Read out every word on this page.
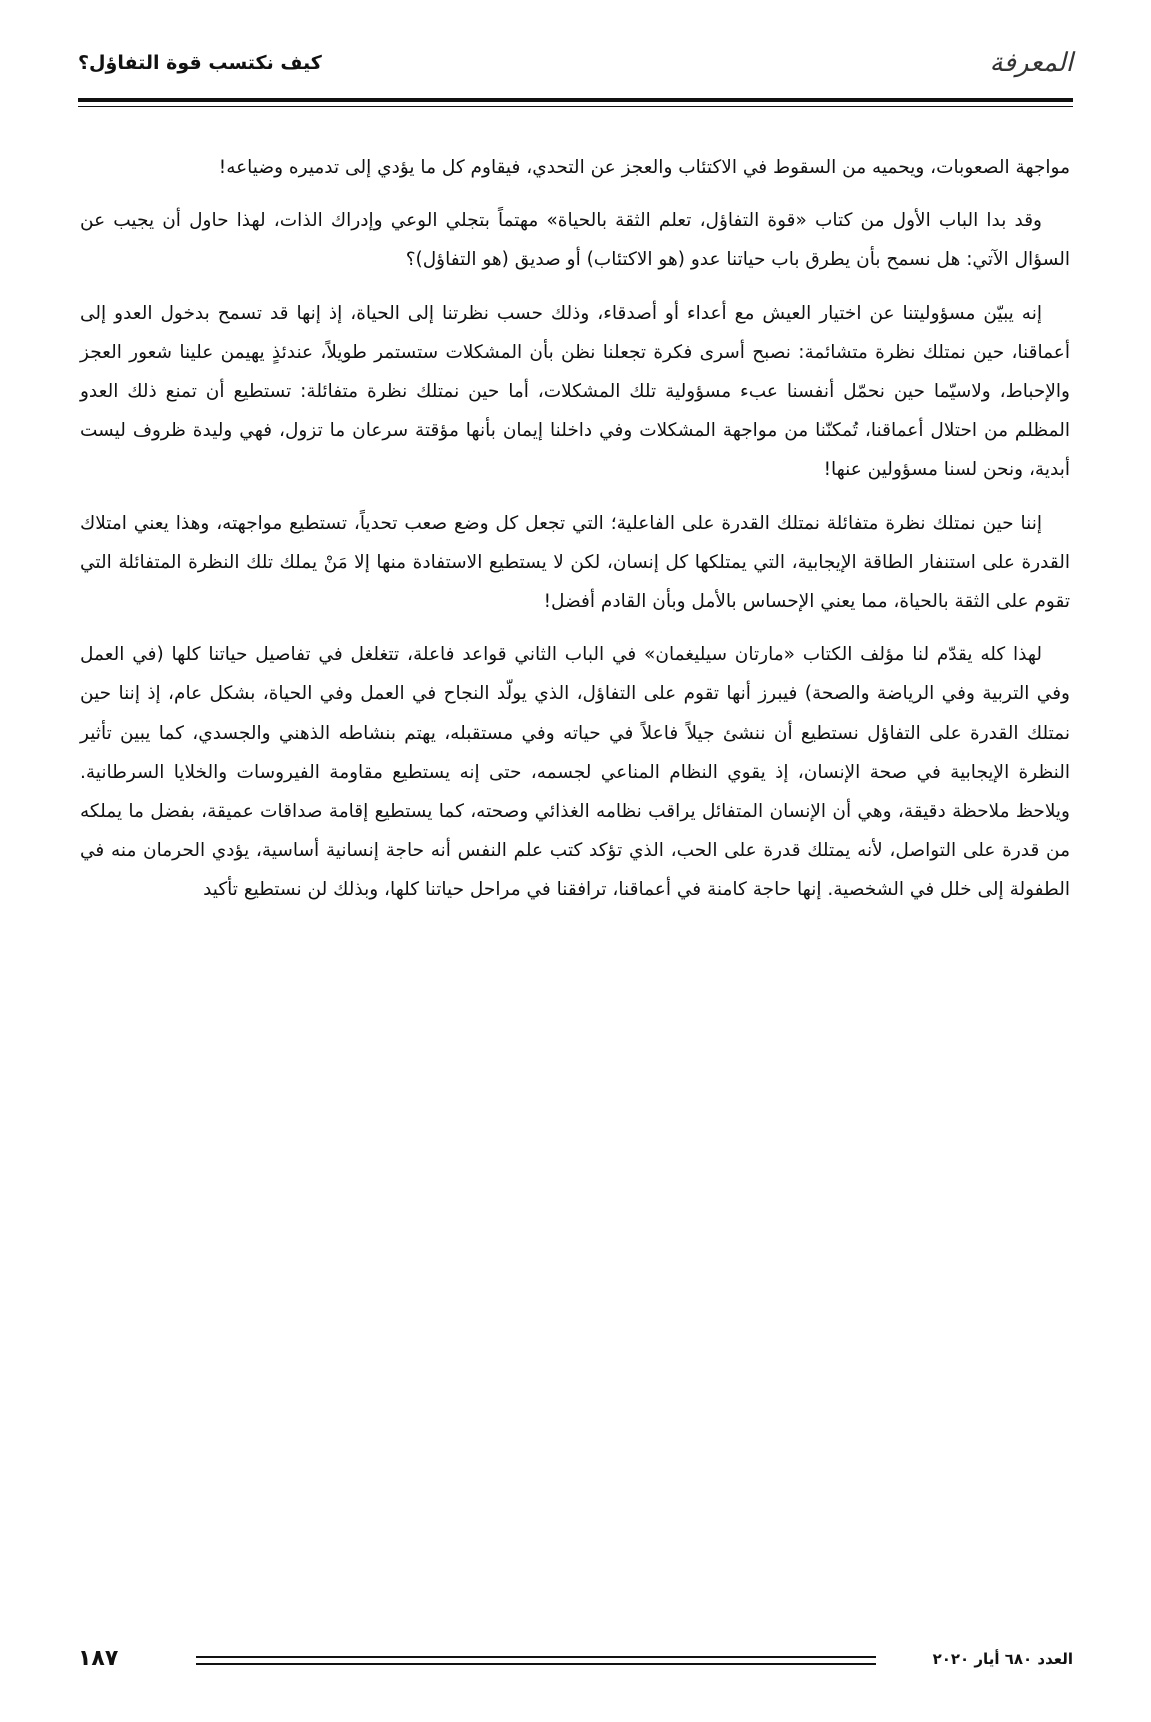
المعرفة
كيف نكتسب قوة التفاؤل؟

مواجهة الصعوبات، ويحميه من السقوط في الاكتئاب والعجز عن التحدي، فيقاوم كل ما يؤدي إلى تدميره وضياعه!

وقد بدا الباب الأول من كتاب «قوة التفاؤل، تعلم الثقة بالحياة» مهتماً بتجلي الوعي وإدراك الذات، لهذا حاول أن يجيب عن السؤال الآتي: هل نسمح بأن يطرق باب حياتنا عدو (هو الاكتئاب) أو صديق (هو التفاؤل)؟

إنه يبيّن مسؤوليتنا عن اختيار العيش مع أعداء أو أصدقاء، وذلك حسب نظرتنا إلى الحياة، إذ إنها قد تسمح بدخول العدو إلى أعماقنا، حين نمتلك نظرة متشائمة: نصبح أسرى فكرة تجعلنا نظن بأن المشكلات ستستمر طويلاً، عندئذٍ يهيمن علينا شعور العجز والإحباط، ولاسيّما حين نحمّل أنفسنا عبء مسؤولية تلك المشكلات، أما حين نمتلك نظرة متفائلة: تستطيع أن تمنع ذلك العدو المظلم من احتلال أعماقنا، تُمكنّنا من مواجهة المشكلات وفي داخلنا إيمان بأنها مؤقتة سرعان ما تزول، فهي وليدة ظروف ليست أبدية، ونحن لسنا مسؤولين عنها!

إننا حين نمتلك نظرة متفائلة نمتلك القدرة على الفاعلية؛ التي تجعل كل وضع صعب تحدياً، تستطيع مواجهته، وهذا يعني امتلاك القدرة على استنفار الطاقة الإيجابية، التي يمتلكها كل إنسان، لكن لا يستطيع الاستفادة منها إلا مَنْ يملك تلك النظرة المتفائلة التي تقوم على الثقة بالحياة، مما يعني الإحساس بالأمل وبأن القادم أفضل!

لهذا كله يقدّم لنا مؤلف الكتاب «مارتان سيليغمان» في الباب الثاني قواعد فاعلة، تتغلغل في تفاصيل حياتنا كلها (في العمل وفي التربية وفي الرياضة والصحة) فيبرز أنها تقوم على التفاؤل، الذي يولّد النجاح في العمل وفي الحياة، بشكل عام، إذ إننا حين نمتلك القدرة على التفاؤل نستطيع أن ننشئ جيلاً فاعلاً في حياته وفي مستقبله، يهتم بنشاطه الذهني والجسدي، كما يبين تأثير النظرة الإيجابية في صحة الإنسان، إذ يقوي النظام المناعي لجسمه، حتى إنه يستطيع مقاومة الفيروسات والخلايا السرطانية. ويلاحظ ملاحظة دقيقة، وهي أن الإنسان المتفائل يراقب نظامه الغذائي وصحته، كما يستطيع إقامة صداقات عميقة، بفضل ما يملكه من قدرة على التواصل، لأنه يمتلك قدرة على الحب، الذي تؤكد كتب علم النفس أنه حاجة إنسانية أساسية، يؤدي الحرمان منه في الطفولة إلى خلل في الشخصية. إنها حاجة كامنة في أعماقنا، ترافقنا في مراحل حياتنا كلها، وبذلك لن نستطيع تأكيد

العدد ٦٨٠ أيار ٢٠٢٠
١٨٧
